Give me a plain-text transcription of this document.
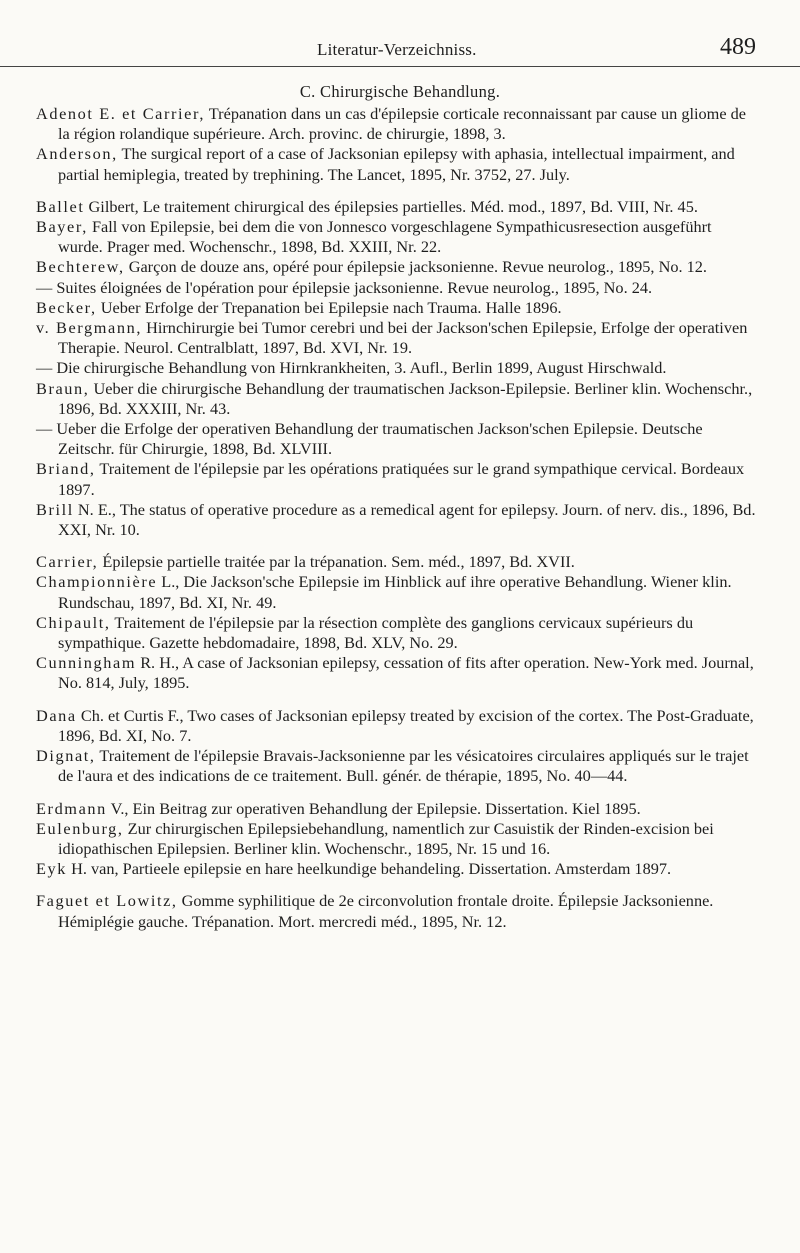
Literatur-Verzeichniss.	489
C. Chirurgische Behandlung.

Adenot E. et Carrier, Trépanation dans un cas d'épilepsie corticale reconnaissant par cause un gliome de la région rolandique supérieure. Arch. provinc. de chirurgie, 1898, 3.

Anderson, The surgical report of a case of Jacksonian epilepsy with aphasia, intellectual impairment, and partial hemiplegia, treated by trephining. The Lancet, 1895, Nr. 3752, 27. July.

Ballet Gilbert, Le traitement chirurgical des épilepsies partielles. Méd. mod., 1897, Bd. VIII, Nr. 45.

Bayer, Fall von Epilepsie, bei dem die von Jonnesco vorgeschlagene Sympathicusresection ausgeführt wurde. Prager med. Wochenschr., 1898, Bd. XXIII, Nr. 22.

Bechterew, Garçon de douze ans, opéré pour épilepsie jacksonienne. Revue neurolog., 1895, No. 12.

— Suites éloignées de l'opération pour épilepsie jacksonienne. Revue neurolog., 1895, No. 24.

Becker, Ueber Erfolge der Trepanation bei Epilepsie nach Trauma. Halle 1896.

v. Bergmann, Hirnchirurgie bei Tumor cerebri und bei der Jackson'schen Epilepsie, Erfolge der operativen Therapie. Neurol. Centralblatt, 1897, Bd. XVI, Nr. 19.

— Die chirurgische Behandlung von Hirnkrankheiten, 3. Aufl., Berlin 1899, August Hirschwald.

Braun, Ueber die chirurgische Behandlung der traumatischen Jackson-Epilepsie. Berliner klin. Wochenschr., 1896, Bd. XXXIII, Nr. 43.

— Ueber die Erfolge der operativen Behandlung der traumatischen Jackson'schen Epilepsie. Deutsche Zeitschr. für Chirurgie, 1898, Bd. XLVIII.

Briand, Traitement de l'épilepsie par les opérations pratiquées sur le grand sympathique cervical. Bordeaux 1897.

Brill N. E., The status of operative procedure as a remedical agent for epilepsy. Journ. of nerv. dis., 1896, Bd. XXI, Nr. 10.

Carrier, Épilepsie partielle traitée par la trépanation. Sem. méd., 1897, Bd. XVII.

Championnière L., Die Jackson'sche Epilepsie im Hinblick auf ihre operative Behandlung. Wiener klin. Rundschau, 1897, Bd. XI, Nr. 49.

Chipault, Traitement de l'épilepsie par la résection complète des ganglions cervicaux supérieurs du sympathique. Gazette hebdomadaire, 1898, Bd. XLV, No. 29.

Cunningham R. H., A case of Jacksonian epilepsy, cessation of fits after operation. New-York med. Journal, No. 814, July, 1895.

Dana Ch. et Curtis F., Two cases of Jacksonian epilepsy treated by excision of the cortex. The Post-Graduate, 1896, Bd. XI, No. 7.

Dignat, Traitement de l'épilepsie Bravais-Jacksonienne par les vésicatoires circulaires appliqués sur le trajet de l'aura et des indications de ce traitement. Bull. génér. de thérapie, 1895, No. 40—44.

Erdmann V., Ein Beitrag zur operativen Behandlung der Epilepsie. Dissertation. Kiel 1895.

Eulenburg, Zur chirurgischen Epilepsiebehandlung, namentlich zur Casuistik der Rinden-excision bei idiopathischen Epilepsien. Berliner klin. Wochenschr., 1895, Nr. 15 und 16.

Eyk H. van, Partieele epilepsie en hare heelkundige behandeling. Dissertation. Amsterdam 1897.

Faguet et Lowitz, Gomme syphilitique de 2e circonvolution frontale droite. Épilepsie Jacksonienne. Hémiplégie gauche. Trépanation. Mort. mercredi méd., 1895, Nr. 12.
